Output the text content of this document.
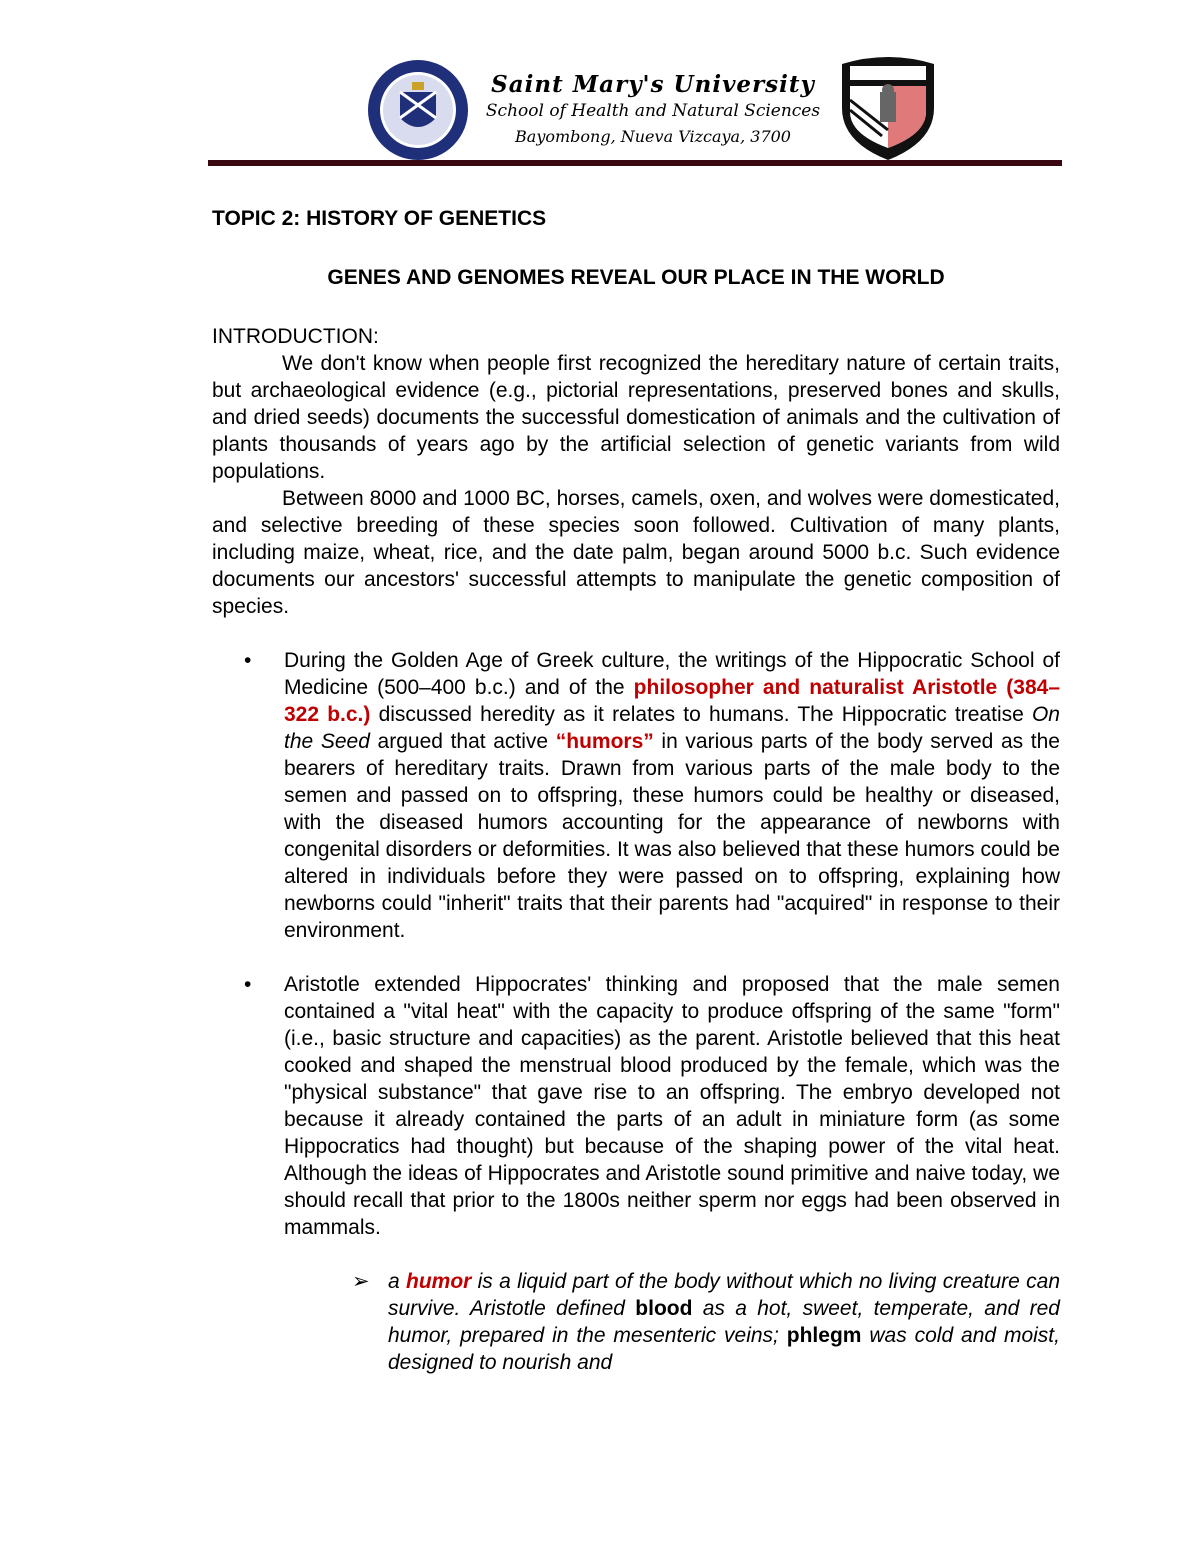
Saint Mary's University
School of Health and Natural Sciences
Bayombong, Nueva Vizcaya, 3700

TOPIC 2: HISTORY OF GENETICS

GENES AND GENOMES REVEAL OUR PLACE IN THE WORLD

INTRODUCTION:

We don't know when people first recognized the hereditary nature of certain traits, but archaeological evidence (e.g., pictorial representations, preserved bones and skulls, and dried seeds) documents the successful domestication of animals and the cultivation of plants thousands of years ago by the artificial selection of genetic variants from wild populations.

Between 8000 and 1000 BC, horses, camels, oxen, and wolves were domesticated, and selective breeding of these species soon followed. Cultivation of many plants, including maize, wheat, rice, and the date palm, began around 5000 b.c. Such evidence documents our ancestors' successful attempts to manipulate the genetic composition of species.

• During the Golden Age of Greek culture, the writings of the Hippocratic School of Medicine (500–400 b.c.) and of the philosopher and naturalist Aristotle (384–322 b.c.) discussed heredity as it relates to humans. The Hippocratic treatise On the Seed argued that active “humors” in various parts of the body served as the bearers of hereditary traits. Drawn from various parts of the male body to the semen and passed on to offspring, these humors could be healthy or diseased, with the diseased humors accounting for the appearance of newborns with congenital disorders or deformities. It was also believed that these humors could be altered in individuals before they were passed on to offspring, explaining how newborns could "inherit" traits that their parents had "acquired" in response to their environment.
• Aristotle extended Hippocrates' thinking and proposed that the male semen contained a "vital heat" with the capacity to produce offspring of the same "form" (i.e., basic structure and capacities) as the parent. Aristotle believed that this heat cooked and shaped the menstrual blood produced by the female, which was the "physical substance" that gave rise to an offspring. The embryo developed not because it already contained the parts of an adult in miniature form (as some Hippocratics had thought) but because of the shaping power of the vital heat. Although the ideas of Hippocrates and Aristotle sound primitive and naive today, we should recall that prior to the 1800s neither sperm nor eggs had been observed in mammals.

➢ a humor is a liquid part of the body without which no living creature can survive. Aristotle defined blood as a hot, sweet, temperate, and red humor, prepared in the mesenteric veins; phlegm was cold and moist, designed to nourish and
